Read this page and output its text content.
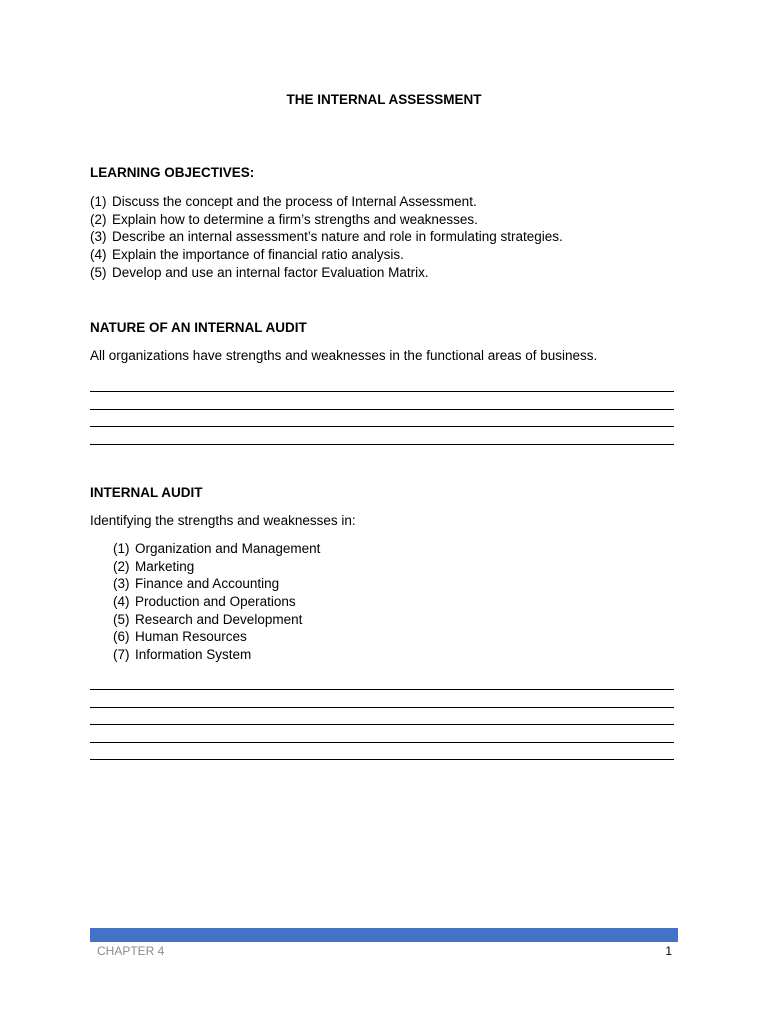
THE INTERNAL ASSESSMENT
LEARNING OBJECTIVES:
(1) Discuss the concept and the process of Internal Assessment.
(2) Explain how to determine a firm’s strengths and weaknesses.
(3) Describe an internal assessment’s nature and role in formulating strategies.
(4) Explain the importance of financial ratio analysis.
(5) Develop and use an internal factor Evaluation Matrix.
NATURE OF AN INTERNAL AUDIT
All organizations have strengths and weaknesses in the functional areas of business.
INTERNAL AUDIT
Identifying the strengths and weaknesses in:
(1) Organization and Management
(2) Marketing
(3) Finance and Accounting
(4) Production and Operations
(5) Research and Development
(6) Human Resources
(7) Information System
CHAPTER 4	1
